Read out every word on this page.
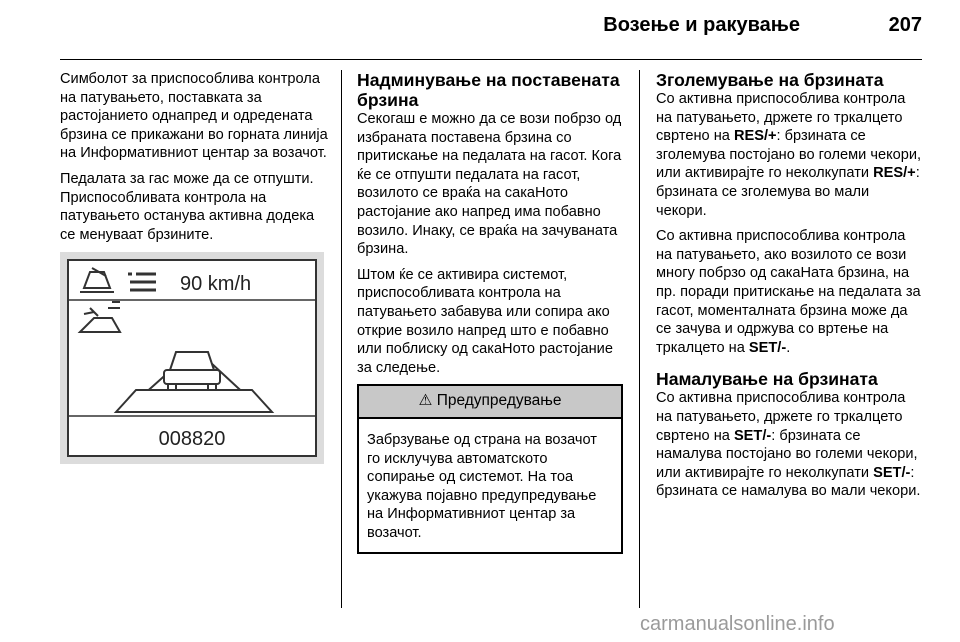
Возење и ракување	207

Симболот за приспособлива контрола на патувањето, поставката за растојанието однапред и одредената брзина се прикажани во горната линија на Информативниот центар за возачот.

Педалата за гас може да се отпушти. Приспособливата контрола на патувањето останува активна додека се менуваат брзините.

90 km/h
008820
Надминување на поставената брзина

Секогаш е можно да се вози побрзо од избраната поставена брзина со притискање на педалата на гасот. Кога ќе се отпушти педалата на гасот, возилото се враќа на сакаНото растојание ако напред има побавно возило. Инаку, се враќа на зачуваната брзина.

Штом ќе се активира системот, приспособливата контрола на патувањето забавува или сопира ако открие возило напред што е побавно или поблиску од сакаНото растојание за следење.

⚠ Предупредување
Забрзување од страна на возачот го исклучува автоматското сопирање од системот. На тоа укажува појавно предупредување на Информативниот центар за возачот.
Зголемување на брзината

Со активна приспособлива контрола на патувањето, држете го тркалцето свртено на RES/+: брзината се зголемува постојано во големи чекори, или активирајте го неколкупати RES/+: брзината се зголемува во мали чекори.

Со активна приспособлива контрола на патувањето, ако возилото се вози многу побрзо од сакаНата брзина, на пр. поради притискање на педалата за гасот, моменталната брзина може да се зачува и одржува со вртење на тркалцето на SET/-.

Намалување на брзината

Со активна приспособлива контрола на патувањето, држете го тркалцето свртено на SET/-: брзината се намалува постојано во големи чекори, или активирајте го неколкупати SET/-: брзината се намалува во мали чекори.

carmanualsonline.info
